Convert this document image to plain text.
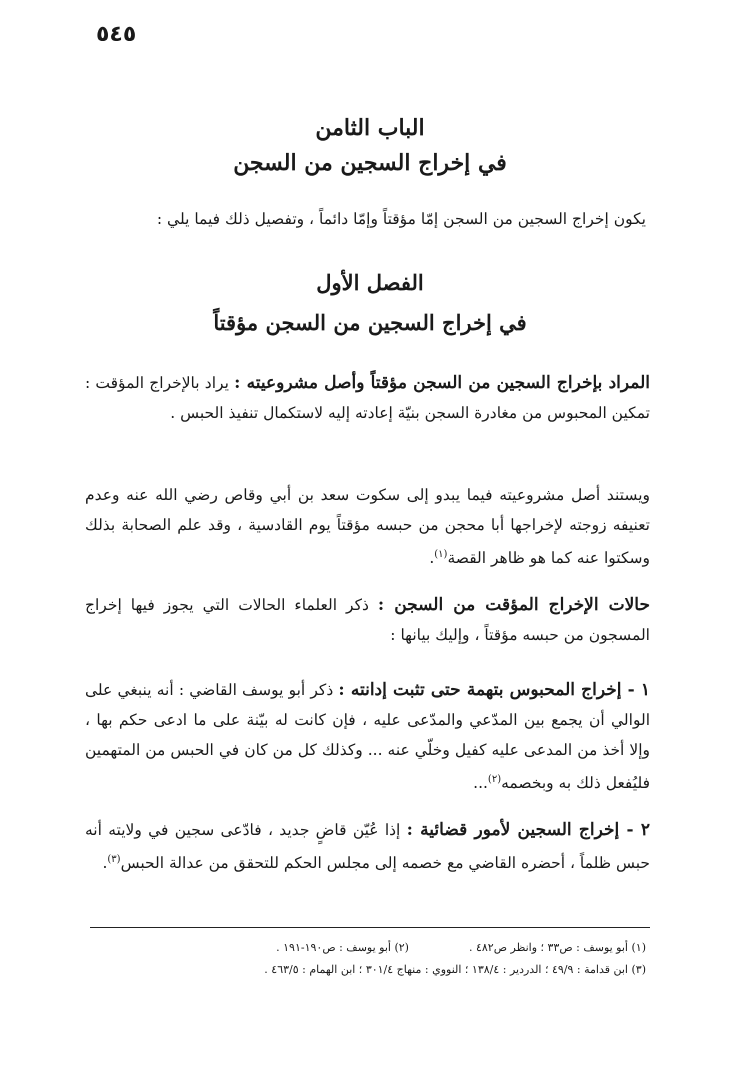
٥٤٥
الباب الثامن
في إخراج السجين من السجن
يكون إخراج السجين من السجن إمّا مؤقتاً وإمّا دائماً ، وتفصيل ذلك فيما يلي :
الفصل الأول
في إخراج السجين من السجن مؤقتاً
المراد بإخراج السجين من السجن مؤقتاً وأصل مشروعيته : يراد بالإخراج المؤقت : تمكين المحبوس من مغادرة السجن بنيّة إعادته إليه لاستكمال تنفيذ الحبس .
ويستند أصل مشروعيته فيما يبدو إلى سكوت سعد بن أبي وقاص رضي الله عنه وعدم تعنيفه زوجته لإخراجها أبا محجن من حبسه مؤقتاً يوم القادسية ، وقد علم الصحابة بذلك وسكتوا عنه كما هو ظاهر القصة$^{(١)}$.
حالات الإخراج المؤقت من السجن : ذكر العلماء الحالات التي يجوز فيها إخراج المسجون من حبسه مؤقتاً ، وإليك بيانها :
١ - إخراج المحبوس بتهمة حتى تثبت إدانته : ذكر أبو يوسف القاضي : أنه ينبغي على الوالي أن يجمع بين المدّعي والمدّعى عليه ، فإن كانت له بيّنة على ما ادعى حكم بها ، وإلا أخذ من المدعى عليه كفيل وخلّي عنه ... وكذلك كل من كان في الحبس من المتهمين فليُفعل ذلك به وبخصمه$^{(٢)}$...
٢ - إخراج السجين لأمور قضائية : إذا عُيّن قاضٍ جديد ، فادّعى سجين في ولايته أنه حبس ظلماً ، أحضره القاضي مع خصمه إلى مجلس الحكم للتحقق من عدالة الحبس$^{(٣)}$.
(١) أبو يوسف : ص٣٣ ؛ وانظر ص٤٨٢ .
(٢) أبو يوسف : ص١٩٠-١٩١ .
(٣) ابن قدامة : ٤٩/٩ ؛ الدردير : ١٣٨/٤ ؛ النووي : منهاج ٣٠١/٤ ؛ ابن الهمام : ٤٦٣/٥ .
